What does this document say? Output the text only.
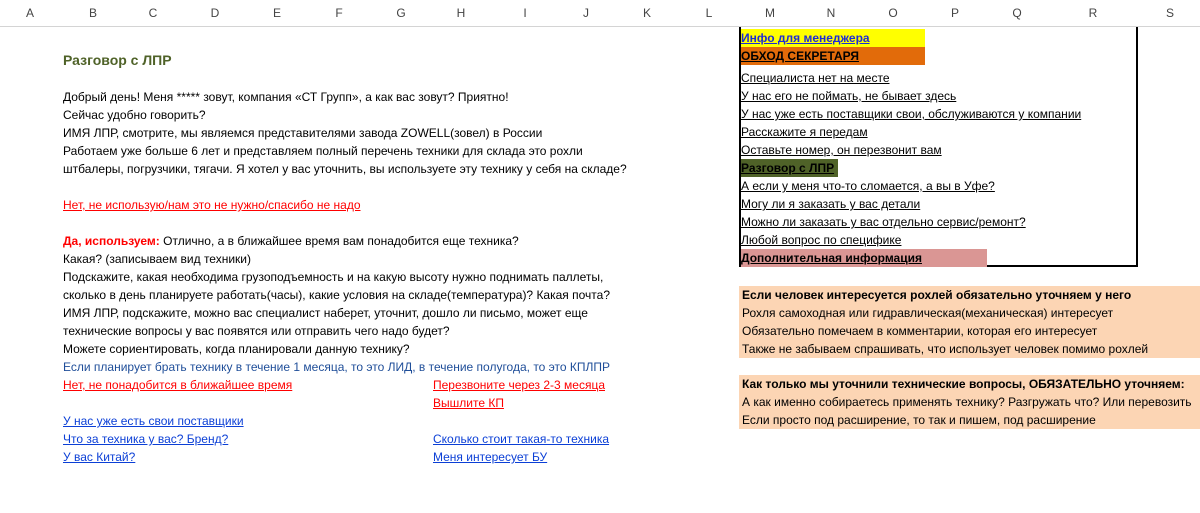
A	B	C	D	E	F	G	H	I	J	K	L	M	N	O	P	Q	R	S
Разговор с ЛПР
Добрый день! Меня ***** зовут, компания «СТ Групп», а как вас зовут? Приятно!
Сейчас удобно говорить?
ИМЯ ЛПР, смотрите, мы являемся представителями завода ZOWELL(зовел) в России
Работаем уже больше 6 лет и представляем полный перечень техники для склада это рохли
штбалеры, погрузчики, тягачи. Я хотел у вас уточнить, вы используете эту технику у себя на складе?
Нет, не использую/нам это не нужно/спасибо не надо
Да, используем: Отлично, а в ближайшее время вам понадобится еще техника?
Какая? (записываем вид техники)
Подскажите, какая необходима грузоподъемность и на какую высоту нужно поднимать паллеты,
сколько в день планируете работать(часы), какие условия на складе(температура)? Какая почта?
ИМЯ ЛПР, подскажите, можно вас специалист наберет, уточнит, дошло ли письмо, может еще
технические вопросы у вас появятся или отправить чего надо будет?
Можете сориентировать, когда планировали данную технику?
Если планирует брать технику в течение 1 месяца, то это ЛИД, в течение полугода, то это КПЛПР
Нет, не понадобится в ближайшее время	Перезвоните через 2-3 месяца
Вышлите КП
У нас уже есть свои поставщики
Что за техника у вас? Бренд?
У вас Китай?
Сколько стоит такая-то техника
Меня интересует БУ
Инфо для менеджера
ОБХОД СЕКРЕТАРЯ
Специалиста нет на месте
У нас его не поймать, не бывает здесь
У нас уже есть поставщики свои, обслуживаются у компании
Расскажите я передам
Оставьте номер, он перезвонит вам
Разговор с ЛПР
А если у меня что-то сломается, а вы в Уфе?
Могу ли я заказать у вас детали
Можно ли заказать у вас отдельно сервис/ремонт?
Любой вопрос по специфике
Дополнительная информация
Если человек интересуется рохлей обязательно уточняем у него
Рохля самоходная или гидравлическая(механическая) интересует
Обязательно помечаем в комментарии, которая его интересует
Также не забываем спрашивать, что использует человек помимо рохлей
Как только мы уточнили технические вопросы, ОБЯЗАТЕЛЬНО уточняем:
А как именно собираетесь применять технику? Разгружать что? Или перевозить
Если просто под расширение, то так и пишем, под расширение
